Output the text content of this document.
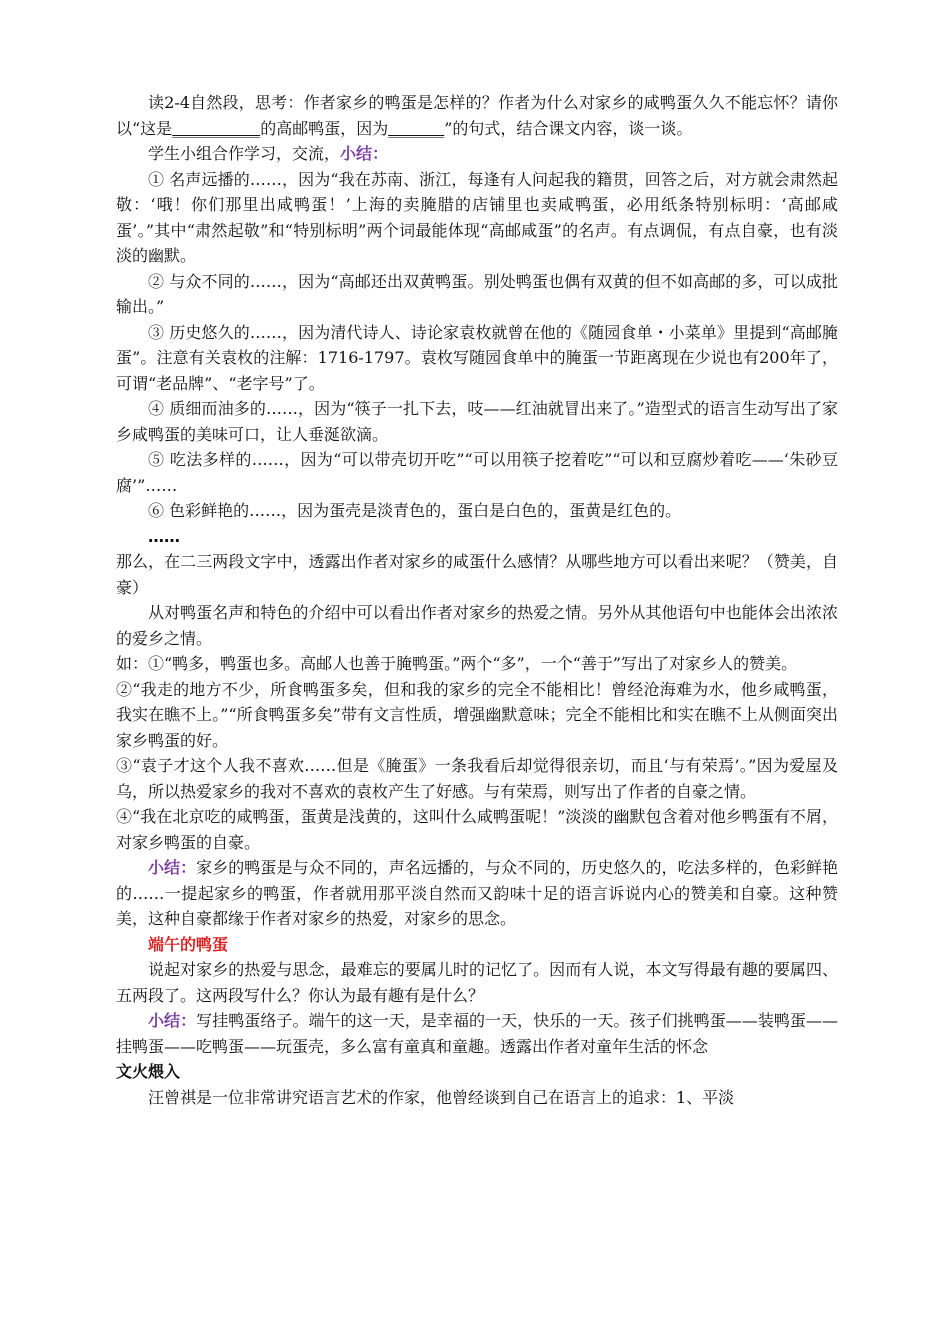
读2-4自然段，思考：作者家乡的鸭蛋是怎样的？作者为什么对家乡的咸鸭蛋久久不能忘怀？请你以“这是___________的高邮鸭蛋，因为_______”的句式，结合课文内容，谈一谈。

学生小组合作学习，交流，小结：

① 名声远播的……，因为“我在苏南、浙江，每逢有人问起我的籍贯，回答之后，对方就会肃然起敬：‘哦！你们那里出咸鸭蛋！’上海的卖腌腊的店铺里也卖咸鸭蛋，必用纸条特别标明：‘高邮咸蛋’。”其中“肃然起敬”和“特别标明”两个词最能体现“高邮咸蛋”的名声。有点调侃，有点自豪，也有淡淡的幽默。

② 与众不同的……，因为“高邮还出双黄鸭蛋。别处鸭蛋也偶有双黄的但不如高邮的多，可以成批输出。”

③ 历史悠久的……，因为清代诗人、诗论家袁枚就曾在他的《随园食单・小菜单》里提到“高邮腌蛋”。注意有关袁枚的注解：1716-1797。袁枚写随园食单中的腌蛋一节距离现在少说也有200年了，可谓“老品牌”、“老字号”了。

④ 质细而油多的……，因为“筷子一扎下去，吱——红油就冒出来了。”造型式的语言生动写出了家乡咸鸭蛋的美味可口，让人垂涎欲滴。

⑤ 吃法多样的……，因为“可以带壳切开吃”“可以用筷子挖着吃”“可以和豆腐炒着吃——‘朱砂豆腐’”……

⑥ 色彩鲜艳的……，因为蛋壳是淡青色的，蛋白是白色的，蛋黄是红色的。

……

那么，在二三两段文字中，透露出作者对家乡的咸蛋什么感情？从哪些地方可以看出来呢？（赞美，自豪）

从对鸭蛋名声和特色的介绍中可以看出作者对家乡的热爱之情。另外从其他语句中也能体会出浓浓的爱乡之情。

如：①“鸭多，鸭蛋也多。高邮人也善于腌鸭蛋。”两个“多”，一个“善于”写出了对家乡人的赞美。

②“我走的地方不少，所食鸭蛋多矣，但和我的家乡的完全不能相比！曾经沧海难为水，他乡咸鸭蛋，我实在瞧不上。”“所食鸭蛋多矣”带有文言性质，增强幽默意味；完全不能相比和实在瞧不上从侧面突出家乡鸭蛋的好。

③“袁子才这个人我不喜欢……但是《腌蛋》一条我看后却觉得很亲切，而且‘与有荣焉’。”因为爱屋及乌，所以热爱家乡的我对不喜欢的袁枚产生了好感。与有荣焉，则写出了作者的自豪之情。

④“我在北京吃的咸鸭蛋，蛋黄是浅黄的，这叫什么咸鸭蛋呢！”淡淡的幽默包含着对他乡鸭蛋有不屑，对家乡鸭蛋的自豪。

小结：家乡的鸭蛋是与众不同的，声名远播的，与众不同的，历史悠久的，吃法多样的，色彩鲜艳的……一提起家乡的鸭蛋，作者就用那平淡自然而又韵味十足的语言诉说内心的赞美和自豪。这种赞美，这种自豪都缘于作者对家乡的热爱，对家乡的思念。

端午的鸭蛋

说起对家乡的热爱与思念，最难忘的要属儿时的记忆了。因而有人说，本文写得最有趣的要属四、五两段了。这两段写什么？你认为最有趣有是什么？

小结：写挂鸭蛋络子。端午的这一天，是幸福的一天，快乐的一天。孩子们挑鸭蛋——装鸭蛋——挂鸭蛋——吃鸭蛋——玩蛋壳，多么富有童真和童趣。透露出作者对童年生活的怀念

文火煨入

汪曾祺是一位非常讲究语言艺术的作家，他曾经谈到自己在语言上的追求：1、平淡
